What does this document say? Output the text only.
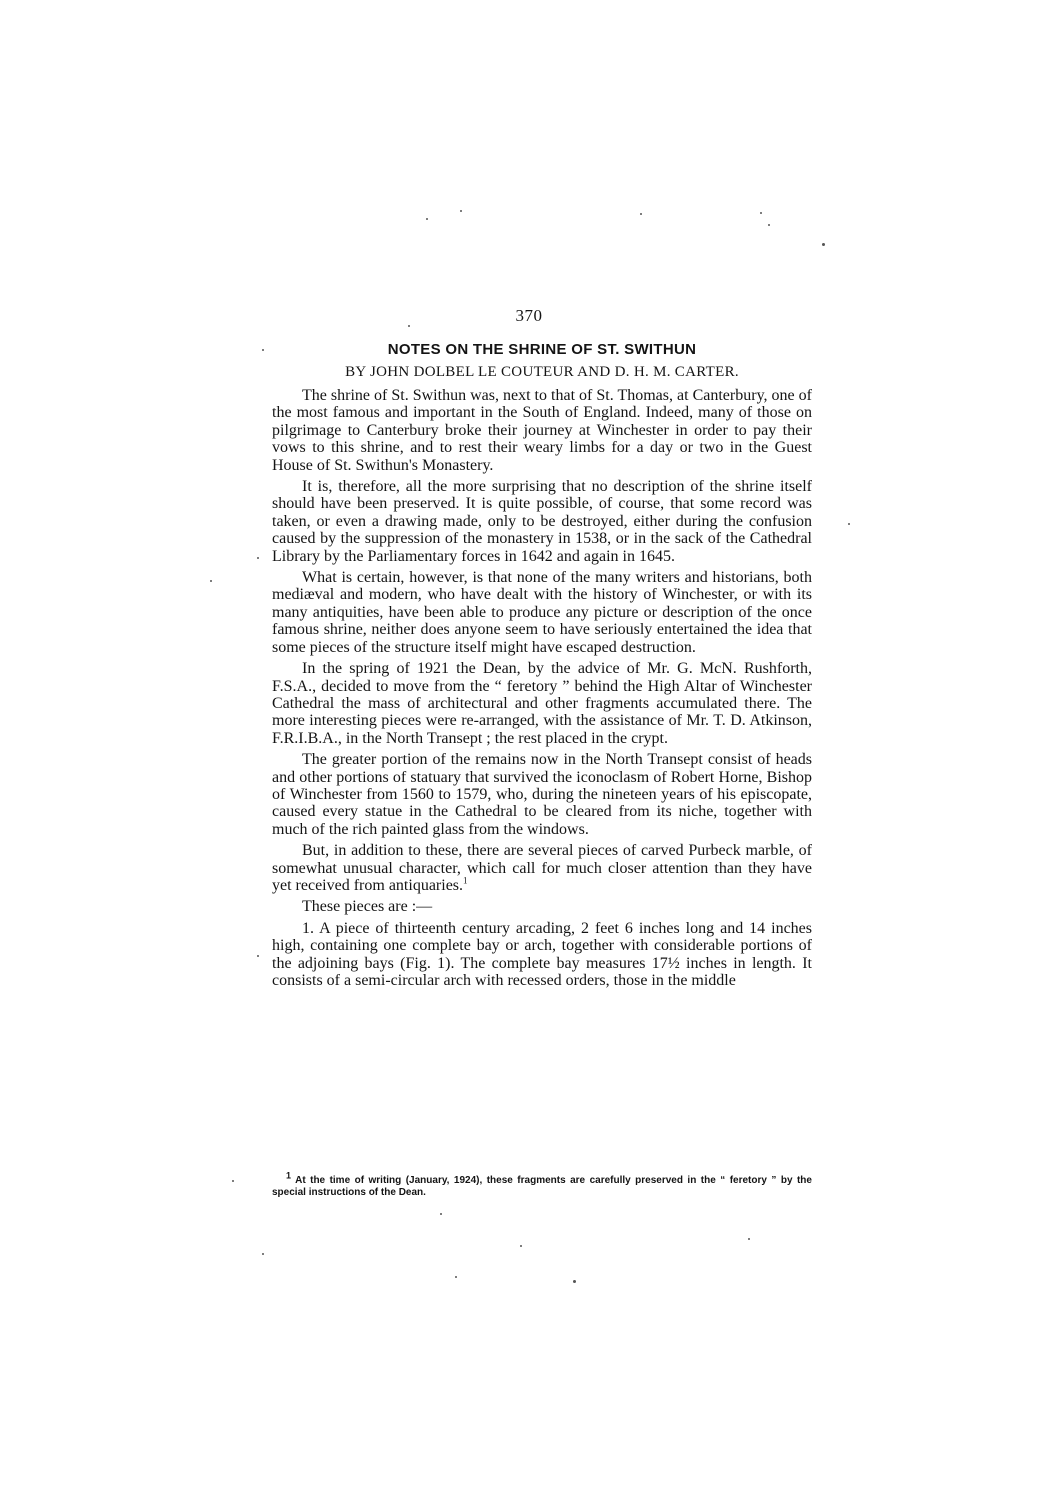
370
NOTES ON THE SHRINE OF ST. SWITHUN
BY JOHN DOLBEL LE COUTEUR AND D. H. M. CARTER.

The shrine of St. Swithun was, next to that of St. Thomas, at Canterbury, one of the most famous and important in the South of England. Indeed, many of those on pilgrimage to Canterbury broke their journey at Winchester in order to pay their vows to this shrine, and to rest their weary limbs for a day or two in the Guest House of St. Swithun's Monastery.

It is, therefore, all the more surprising that no description of the shrine itself should have been preserved. It is quite possible, of course, that some record was taken, or even a drawing made, only to be destroyed, either during the confusion caused by the suppression of the monastery in 1538, or in the sack of the Cathedral Library by the Parliamentary forces in 1642 and again in 1645.

What is certain, however, is that none of the many writers and historians, both mediæval and modern, who have dealt with the history of Winchester, or with its many antiquities, have been able to produce any picture or description of the once famous shrine, neither does anyone seem to have seriously entertained the idea that some pieces of the structure itself might have escaped destruction.

In the spring of 1921 the Dean, by the advice of Mr. G. McN. Rushforth, F.S.A., decided to move from the “ feretory ” behind the High Altar of Winchester Cathedral the mass of architectural and other fragments accumulated there. The more interesting pieces were re-arranged, with the assistance of Mr. T. D. Atkinson, F.R.I.B.A., in the North Transept ; the rest placed in the crypt.

The greater portion of the remains now in the North Transept consist of heads and other portions of statuary that survived the iconoclasm of Robert Horne, Bishop of Winchester from 1560 to 1579, who, during the nineteen years of his episcopate, caused every statue in the Cathedral to be cleared from its niche, together with much of the rich painted glass from the windows.

But, in addition to these, there are several pieces of carved Purbeck marble, of somewhat unusual character, which call for much closer attention than they have yet received from antiquaries.$^1$

These pieces are :—

1. A piece of thirteenth century arcading, 2 feet 6 inches long and 14 inches high, containing one complete bay or arch, together with considerable portions of the adjoining bays (Fig. 1). The complete bay measures 17½ inches in length. It consists of a semi-circular arch with recessed orders, those in the middle

$^1$ At the time of writing (January, 1924), these fragments are carefully preserved in the “ feretory ” by the special instructions of the Dean.
